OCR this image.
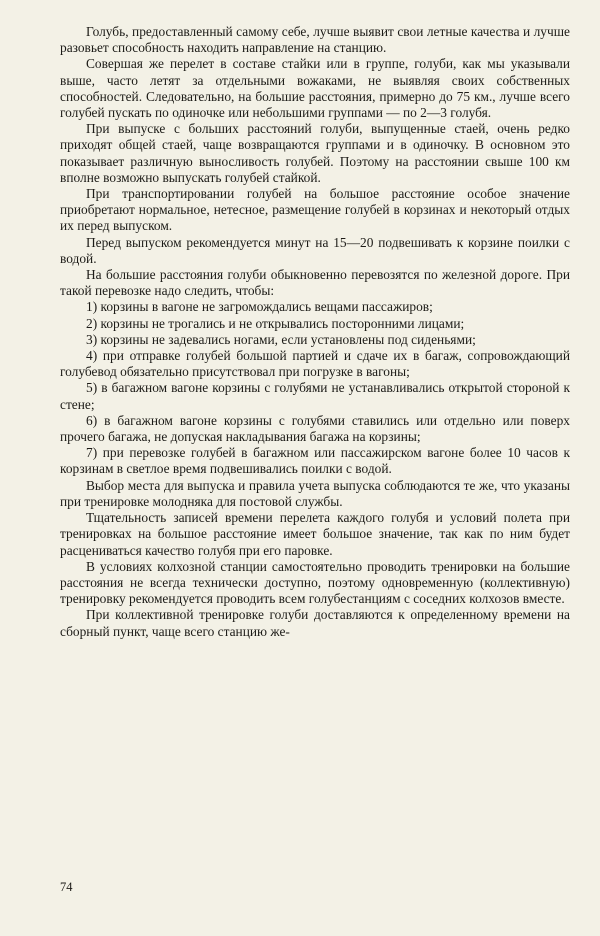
Голубь, предоставленный самому себе, лучше выявит свои летные качества и лучше разовьет способность находить направление на станцию.

Совершая же перелет в составе стайки или в группе, голуби, как мы указывали выше, часто летят за отдельными вожаками, не выявляя своих собственных способностей. Следовательно, на большие расстояния, примерно до 75 км., лучше всего голубей пускать по одиночке или небольшими группами — по 2—3 голубя.

При выпуске с больших расстояний голуби, выпущенные стаей, очень редко приходят общей стаей, чаще возвращаются группами и в одиночку. В основном это показывает различную выносливость голубей. Поэтому на расстоянии свыше 100 км вполне возможно выпускать голубей стайкой.

При транспортировании голубей на большое расстояние особое значение приобретают нормальное, нетесное, размещение голубей в корзинах и некоторый отдых их перед выпуском.

Перед выпуском рекомендуется минут на 15—20 подвешивать к корзине поилки с водой.

На большие расстояния голуби обыкновенно перевозятся по железной дороге. При такой перевозке надо следить, чтобы:

1) корзины в вагоне не загромождались вещами пассажиров;

2) корзины не трогались и не открывались посторонними лицами;

3) корзины не задевались ногами, если установлены под сиденьями;

4) при отправке голубей большой партией и сдаче их в багаж, сопровождающий голубевод обязательно присутствовал при погрузке в вагоны;

5) в багажном вагоне корзины с голубями не устанавливались открытой стороной к стене;

6) в багажном вагоне корзины с голубями ставились или отдельно или поверх прочего багажа, не допуская накладывания багажа на корзины;

7) при перевозке голубей в багажном или пассажирском вагоне более 10 часов к корзинам в светлое время подвешивались поилки с водой.

Выбор места для выпуска и правила учета выпуска соблюдаются те же, что указаны при тренировке молодняка для постовой службы.

Тщательность записей времени перелета каждого голубя и условий полета при тренировках на большое расстояние имеет большое значение, так как по ним будет расцениваться качество голубя при его паровке.

В условиях колхозной станции самостоятельно проводить тренировки на большие расстояния не всегда технически доступно, поэтому одновременную (коллективную) тренировку рекомендуется проводить всем голубестанциям с соседних колхозов вместе.

При коллективной тренировке голуби доставляются к определенному времени на сборный пункт, чаще всего станцию же-

74
